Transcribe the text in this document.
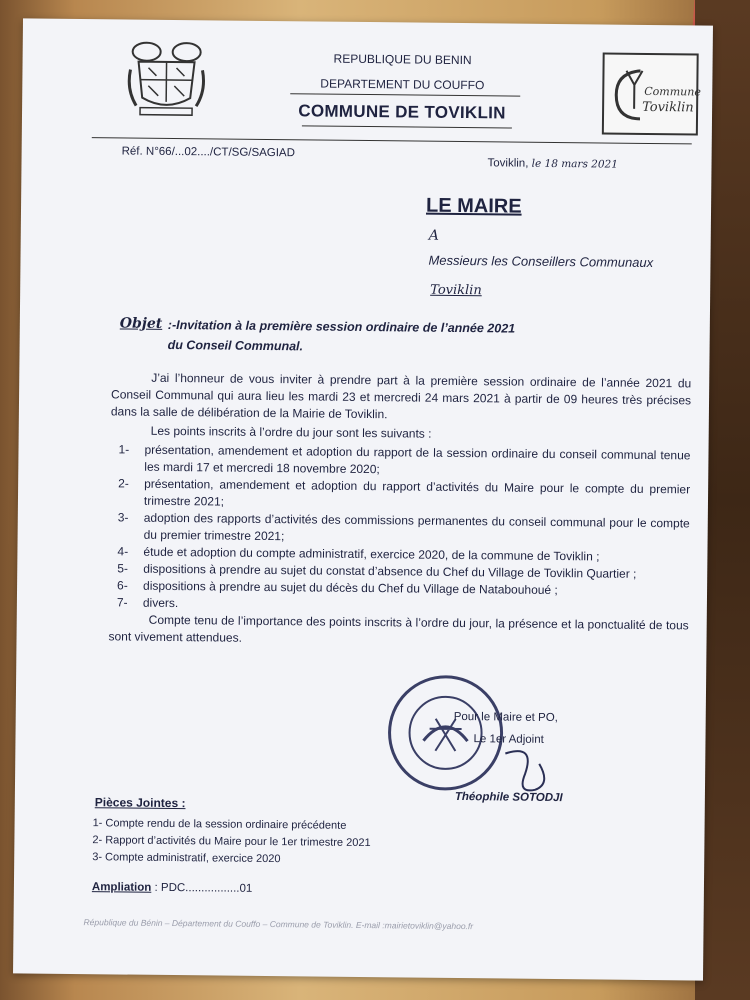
REPUBLIQUE DU BENIN
DEPARTEMENT DU COUFFO
COMMUNE DE TOVIKLIN
Commune
Toviklin
Réf. N°66/...02..../CT/SG/SAGIAD
Toviklin, le 18 mars 2021
LE MAIRE
A
Messieurs les Conseillers Communaux
Toviklin
Objet :-Invitation à la première session ordinaire de l’année 2021
du Conseil Communal.

J’ai l’honneur de vous inviter à prendre part à la première session ordinaire de l’année 2021 du Conseil Communal qui aura lieu les mardi 23 et mercredi 24 mars 2021 à partir de 09 heures très précises dans la salle de délibération de la Mairie de Toviklin.

Les points inscrits à l’ordre du jour sont les suivants :

1- présentation, amendement et adoption du rapport de la session ordinaire du conseil communal tenue les mardi 17 et mercredi 18 novembre 2020;
2- présentation, amendement et adoption du rapport d’activités du Maire pour le compte du premier trimestre 2021;
3- adoption des rapports d’activités des commissions permanentes du conseil communal pour le compte du premier trimestre 2021;
4- étude et adoption du compte administratif, exercice 2020, de la commune de Toviklin ;
5- dispositions à prendre au sujet du constat d’absence du Chef du Village de Toviklin Quartier ;
6- dispositions à prendre au sujet du décès du Chef du Village de Natabouhoué ;
7- divers.

Compte tenu de l’importance des points inscrits à l’ordre du jour, la présence et la ponctualité de tous sont vivement attendues.

Pour le Maire et PO,
Le 1er Adjoint
Théophile SOTODJI
Pièces Jointes :
1- Compte rendu de la session ordinaire précédente
2- Rapport d’activités du Maire pour le 1er trimestre 2021
3- Compte administratif, exercice 2020
Ampliation : PDC.................01
République du Bénin – Département du Couffo – Commune de Toviklin. E-mail :mairietoviklin@yahoo.fr
